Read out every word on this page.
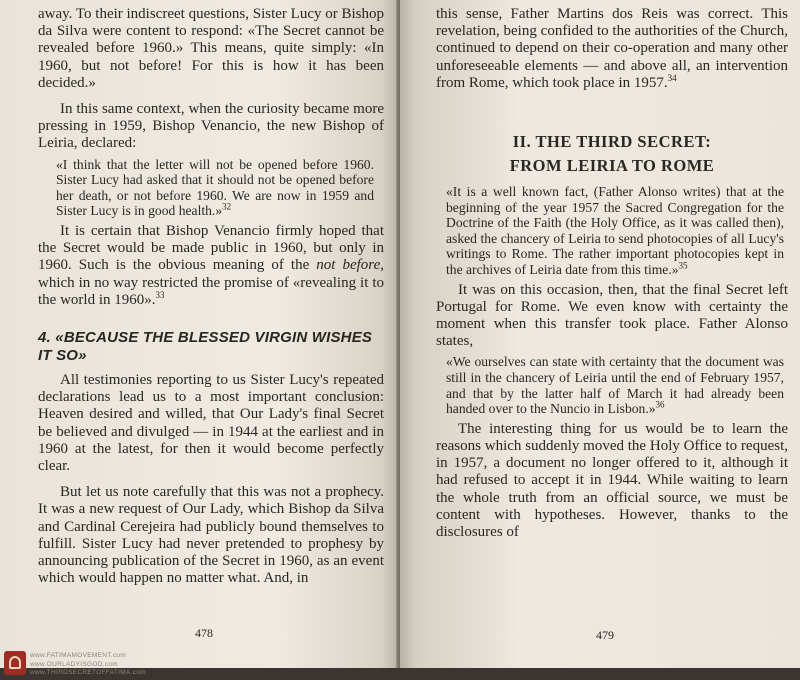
away. To their indiscreet questions, Sister Lucy or Bishop da Silva were content to respond: «The Secret cannot be revealed before 1960.» This means, quite simply: «In 1960, but not before! For this is how it has been decided.»

In this same context, when the curiosity became more pressing in 1959, Bishop Venancio, the new Bishop of Leiria, declared:

«I think that the letter will not be opened before 1960. Sister Lucy had asked that it should not be opened before her death, or not before 1960. We are now in 1959 and Sister Lucy is in good health.»$^{32}$

It is certain that Bishop Venancio firmly hoped that the Secret would be made public in 1960, but only in 1960. Such is the obvious meaning of the not before, which in no way restricted the promise of «revealing it to the world in 1960».$^{33}$

4. «BECAUSE THE BLESSED VIRGIN WISHES IT SO»

All testimonies reporting to us Sister Lucy's repeated declarations lead us to a most important conclusion: Heaven desired and willed, that Our Lady's final Secret be believed and divulged — in 1944 at the earliest and in 1960 at the latest, for then it would become perfectly clear.

But let us note carefully that this was not a prophecy. It was a new request of Our Lady, which Bishop da Silva and Cardinal Cerejeira had publicly bound themselves to fulfill. Sister Lucy had never pretended to prophesy by announcing publication of the Secret in 1960, as an event which would happen no matter what. And, in

478

this sense, Father Martins dos Reis was correct. This revelation, being confided to the authorities of the Church, continued to depend on their co-operation and many other unforeseeable elements — and above all, an intervention from Rome, which took place in 1957.34

II. THE THIRD SECRET:
FROM LEIRIA TO ROME

«It is a well known fact, (Father Alonso writes) that at the beginning of the year 1957 the Sacred Congregation for the Doctrine of the Faith (the Holy Office, as it was called then), asked the chancery of Leiria to send photocopies of all Lucy's writings to Rome. The rather important photocopies kept in the archives of Leiria date from this time.»$^{35}$

It was on this occasion, then, that the final Secret left Portugal for Rome. We even know with certainty the moment when this transfer took place. Father Alonso states,

«We ourselves can state with certainty that the document was still in the chancery of Leiria until the end of February 1957, and that by the latter half of March it had already been handed over to the Nuncio in Lisbon.»$^{36}$

The interesting thing for us would be to learn the reasons which suddenly moved the Holy Office to request, in 1957, a document no longer offered to it, although it had refused to accept it in 1944. While waiting to learn the whole truth from an official source, we must be content with hypotheses. However, thanks to the disclosures of

479
www.FATIMAMOVEMENT.com
www.OURLADYISGOD.com
www.THIRDSECRETOFFATIMA.com
